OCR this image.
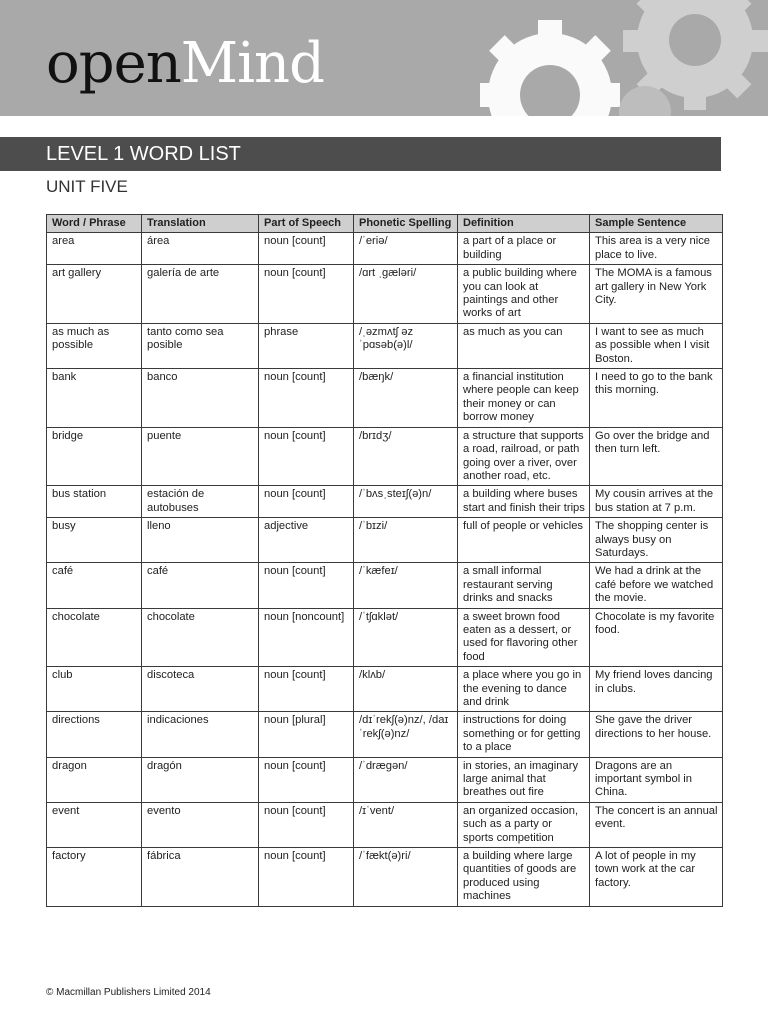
openMind
LEVEL 1 WORD LIST
UNIT FIVE
Word / Phrase	Translation	Part of Speech	Phonetic Spelling	Definition	Sample Sentence
area	área	noun [count]	/ˈeriə/	a part of a place or building	This area is a very nice place to live.
art gallery	galería de arte	noun [count]	/ɑrt ˌɡæləri/	a public building where you can look at paintings and other works of art	The MOMA is a famous art gallery in New York City.
as much as possible	tanto como sea posible	phrase	/ˌəzmʌtʃ əzˈpɑsəb(ə)l/	as much as you can	I want to see as much as possible when I visit Boston.
bank	banco	noun [count]	/bæŋk/	a financial institution where people can keep their money or can borrow money	I need to go to the bank this morning.
bridge	puente	noun [count]	/brɪdʒ/	a structure that supports a road, railroad, or path going over a river, over another road, etc.	Go over the bridge and then turn left.
bus station	estación de autobuses	noun [count]	/ˈbʌsˌsteɪʃ(ə)n/	a building where buses start and finish their trips	My cousin arrives at the bus station at 7 p.m.
busy	lleno	adjective	/ˈbɪzi/	full of people or vehicles	The shopping center is always busy on Saturdays.
café	café	noun [count]	/ˈkæfeɪ/	a small informal restaurant serving drinks and snacks	We had a drink at the café before we watched the movie.
chocolate	chocolate	noun [noncount]	/ˈtʃɑklət/	a sweet brown food eaten as a dessert, or used for flavoring other food	Chocolate is my favorite food.
club	discoteca	noun [count]	/klʌb/	a place where you go in the evening to dance and drink	My friend loves dancing in clubs.
directions	indicaciones	noun [plural]	/dɪˈrekʃ(ə)nz/, /daɪˈrekʃ(ə)nz/	instructions for doing something or for getting to a place	She gave the driver directions to her house.
dragon	dragón	noun [count]	/ˈdræɡən/	in stories, an imaginary large animal that breathes out fire	Dragons are an important symbol in China.
event	evento	noun [count]	/ɪˈvent/	an organized occasion, such as a party or sports competition	The concert is an annual event.
factory	fábrica	noun [count]	/ˈfækt(ə)ri/	a building where large quantities of goods are produced using machines	A lot of people in my town work at the car factory.
© Macmillan Publishers Limited 2014
